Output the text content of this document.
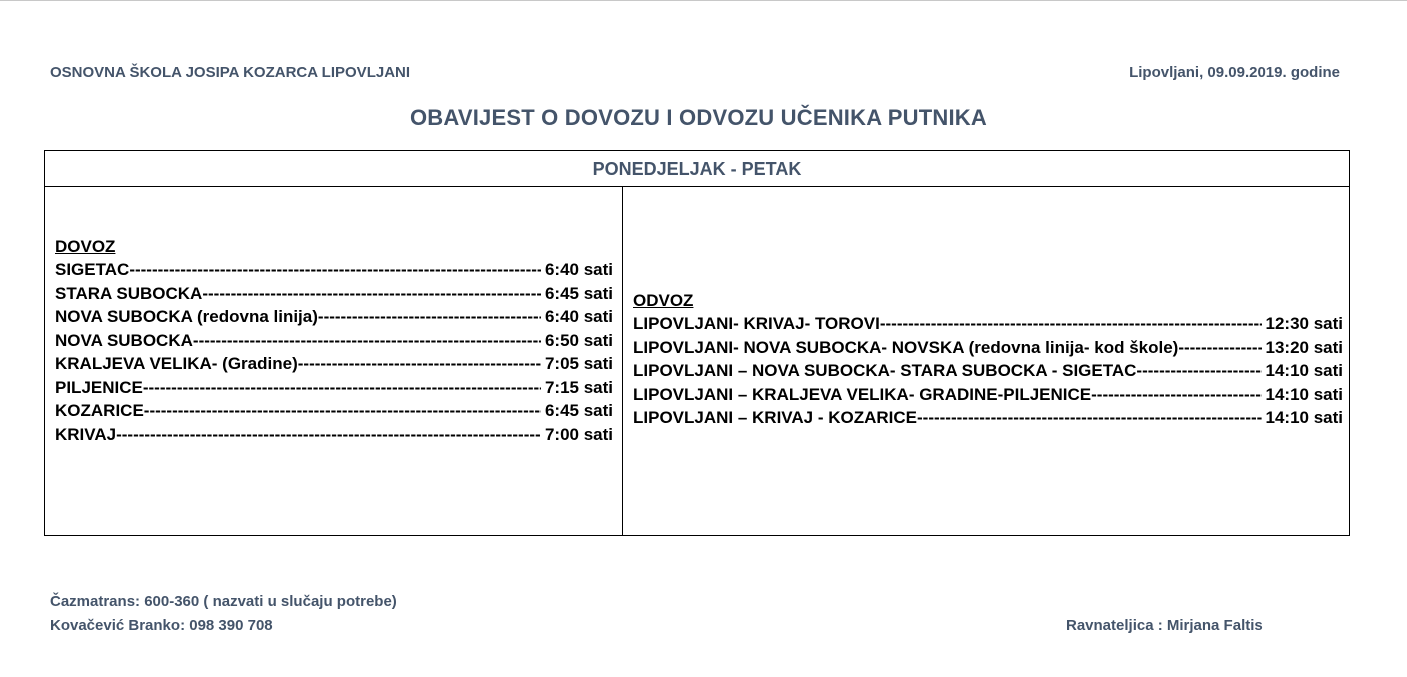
OSNOVNA ŠKOLA JOSIPA KOZARCA LIPOVLJANI	Lipovljani, 09.09.2019. godine
OBAVIJEST O DOVOZU I ODVOZU UČENIKA PUTNIKA
PONEDJELJAK - PETAK
DOVOZ
SIGETAC -----	6:40 sati
STARA SUBOCKA -----	6:45 sati
NOVA SUBOCKA (redovna linija) -----	6:40 sati
NOVA SUBOCKA -----	6:50 sati
KRALJEVA VELIKA- (Gradine) -----	7:05 sati
PILJENICE -----	7:15 sati
KOZARICE -----	6:45 sati
KRIVAJ -----	7:00 sati
ODVOZ
LIPOVLJANI- KRIVAJ- TOROVI -----	12:30 sati
LIPOVLJANI- NOVA SUBOCKA- NOVSKA (redovna linija- kod škole) -----	13:20 sati
LIPOVLJANI – NOVA SUBOCKA- STARA SUBOCKA - SIGETAC -----	14:10 sati
LIPOVLJANI – KRALJEVA VELIKA- GRADINE-PILJENICE -----	14:10 sati
LIPOVLJANI – KRIVAJ - KOZARICE -----	14:10 sati
Čazmatrans: 600-360 ( nazvati u slučaju potrebe)
Kovačević Branko: 098 390 708	Ravnateljica : Mirjana Faltis
